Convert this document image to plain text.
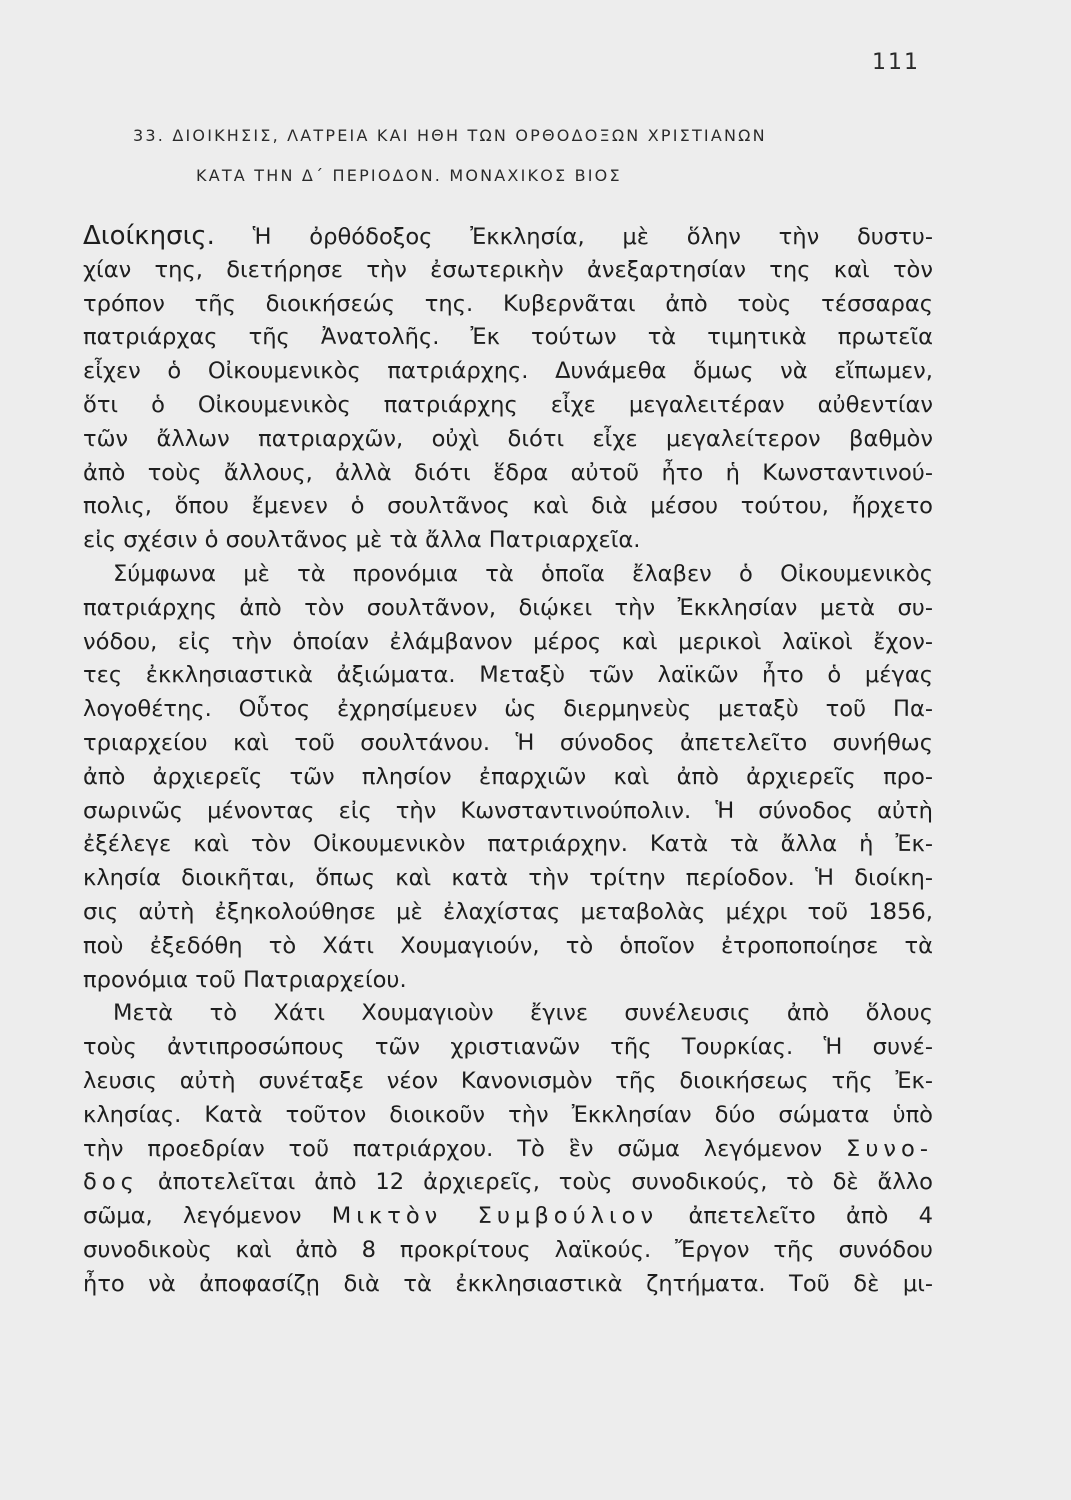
111
33. ΔΙΟΙΚΗΣΙΣ, ΛΑΤΡΕΙΑ ΚΑΙ ΗΘΗ ΤΩΝ ΟΡΘΟΔΟΞΩΝ ΧΡΙΣΤΙΑΝΩΝ
ΚΑΤΑ ΤΗΝ Δ΄ ΠΕΡΙΟΔΟΝ. ΜΟΝΑΧΙΚΟΣ ΒΙΟΣ
Διοίκησις. Ἡ ὀρθόδοξος Ἐκκλησία, μὲ ὅλην τὴν δυστυ-
χίαν της, διετήρησε τὴν ἐσωτερικὴν ἀνεξαρτησίαν της καὶ τὸν
τρόπον τῆς διοικήσεώς της. Κυβερνᾶται ἀπὸ τοὺς τέσσαρας
πατριάρχας τῆς Ἀνατολῆς. Ἐκ τούτων τὰ τιμητικὰ πρωτεῖα
εἶχεν ὁ Οἰκουμενικὸς πατριάρχης. Δυνάμεθα ὅμως νὰ εἴπωμεν,
ὅτι ὁ Οἰκουμενικὸς πατριάρχης εἶχε μεγαλειτέραν αὐθεντίαν
τῶν ἄλλων πατριαρχῶν, οὐχὶ διότι εἶχε μεγαλείτερον βαθμὸν
ἀπὸ τοὺς ἄλλους, ἀλλὰ διότι ἕδρα αὐτοῦ ἦτο ἡ Κωνσταντινού-
πολις, ὅπου ἔμενεν ὁ σουλτᾶνος καὶ διὰ μέσου τούτου, ἤρχετο
εἰς σχέσιν ὁ σουλτᾶνος μὲ τὰ ἄλλα Πατριαρχεῖα.
Σύμφωνα μὲ τὰ προνόμια τὰ ὁποῖα ἔλαβεν ὁ Οἰκουμενικὸς
πατριάρχης ἀπὸ τὸν σουλτᾶνον, διῴκει τὴν Ἐκκλησίαν μετὰ συ-
νόδου, εἰς τὴν ὁποίαν ἐλάμβανον μέρος καὶ μερικοὶ λαϊκοὶ ἔχον-
τες ἐκκλησιαστικὰ ἀξιώματα. Μεταξὺ τῶν λαϊκῶν ἦτο ὁ μέγας
λογοθέτης. Οὗτος ἐχρησίμευεν ὡς διερμηνεὺς μεταξὺ τοῦ Πα-
τριαρχείου καὶ τοῦ σουλτάνου. Ἡ σύνοδος ἀπετελεῖτο συνήθως
ἀπὸ ἀρχιερεῖς τῶν πλησίον ἐπαρχιῶν καὶ ἀπὸ ἀρχιερεῖς προ-
σωρινῶς μένοντας εἰς τὴν Κωνσταντινούπολιν. Ἡ σύνοδος αὐτὴ
ἐξέλεγε καὶ τὸν Οἰκουμενικὸν πατριάρχην. Κατὰ τὰ ἄλλα ἡ Ἐκ-
κλησία διοικῆται, ὅπως καὶ κατὰ τὴν τρίτην περίοδον. Ἡ διοίκη-
σις αὐτὴ ἐξηκολούθησε μὲ ἐλαχίστας μεταβολὰς μέχρι τοῦ 1856,
ποὺ ἐξεδόθη τὸ Χάτι Χουμαγιούν, τὸ ὁποῖον ἐτροποποίησε τὰ
προνόμια τοῦ Πατριαρχείου.
Μετὰ τὸ Χάτι Χουμαγιοὺν ἔγινε συνέλευσις ἀπὸ ὅλους
τοὺς ἀντιπροσώπους τῶν χριστιανῶν τῆς Τουρκίας. Ἡ συνέ-
λευσις αὐτὴ συνέταξε νέον Κανονισμὸν τῆς διοικήσεως τῆς Ἐκ-
κλησίας. Κατὰ τοῦτον διοικοῦν τὴν Ἐκκλησίαν δύο σώματα ὑπὸ
τὴν προεδρίαν τοῦ πατριάρχου. Τὸ ἓν σῶμα λεγόμενον Συνο-
δος ἀποτελεῖται ἀπὸ 12 ἀρχιερεῖς, τοὺς συνοδικούς, τὸ δὲ ἄλλο
σῶμα, λεγόμενον Μικτὸν Συμβούλιον ἀπετελεῖτο ἀπὸ 4
συνοδικοὺς καὶ ἀπὸ 8 προκρίτους λαϊκούς. Ἔργον τῆς συνόδου
ἦτο νὰ ἀποφασίζῃ διὰ τὰ ἐκκλησιαστικὰ ζητήματα. Τοῦ δὲ μι-
